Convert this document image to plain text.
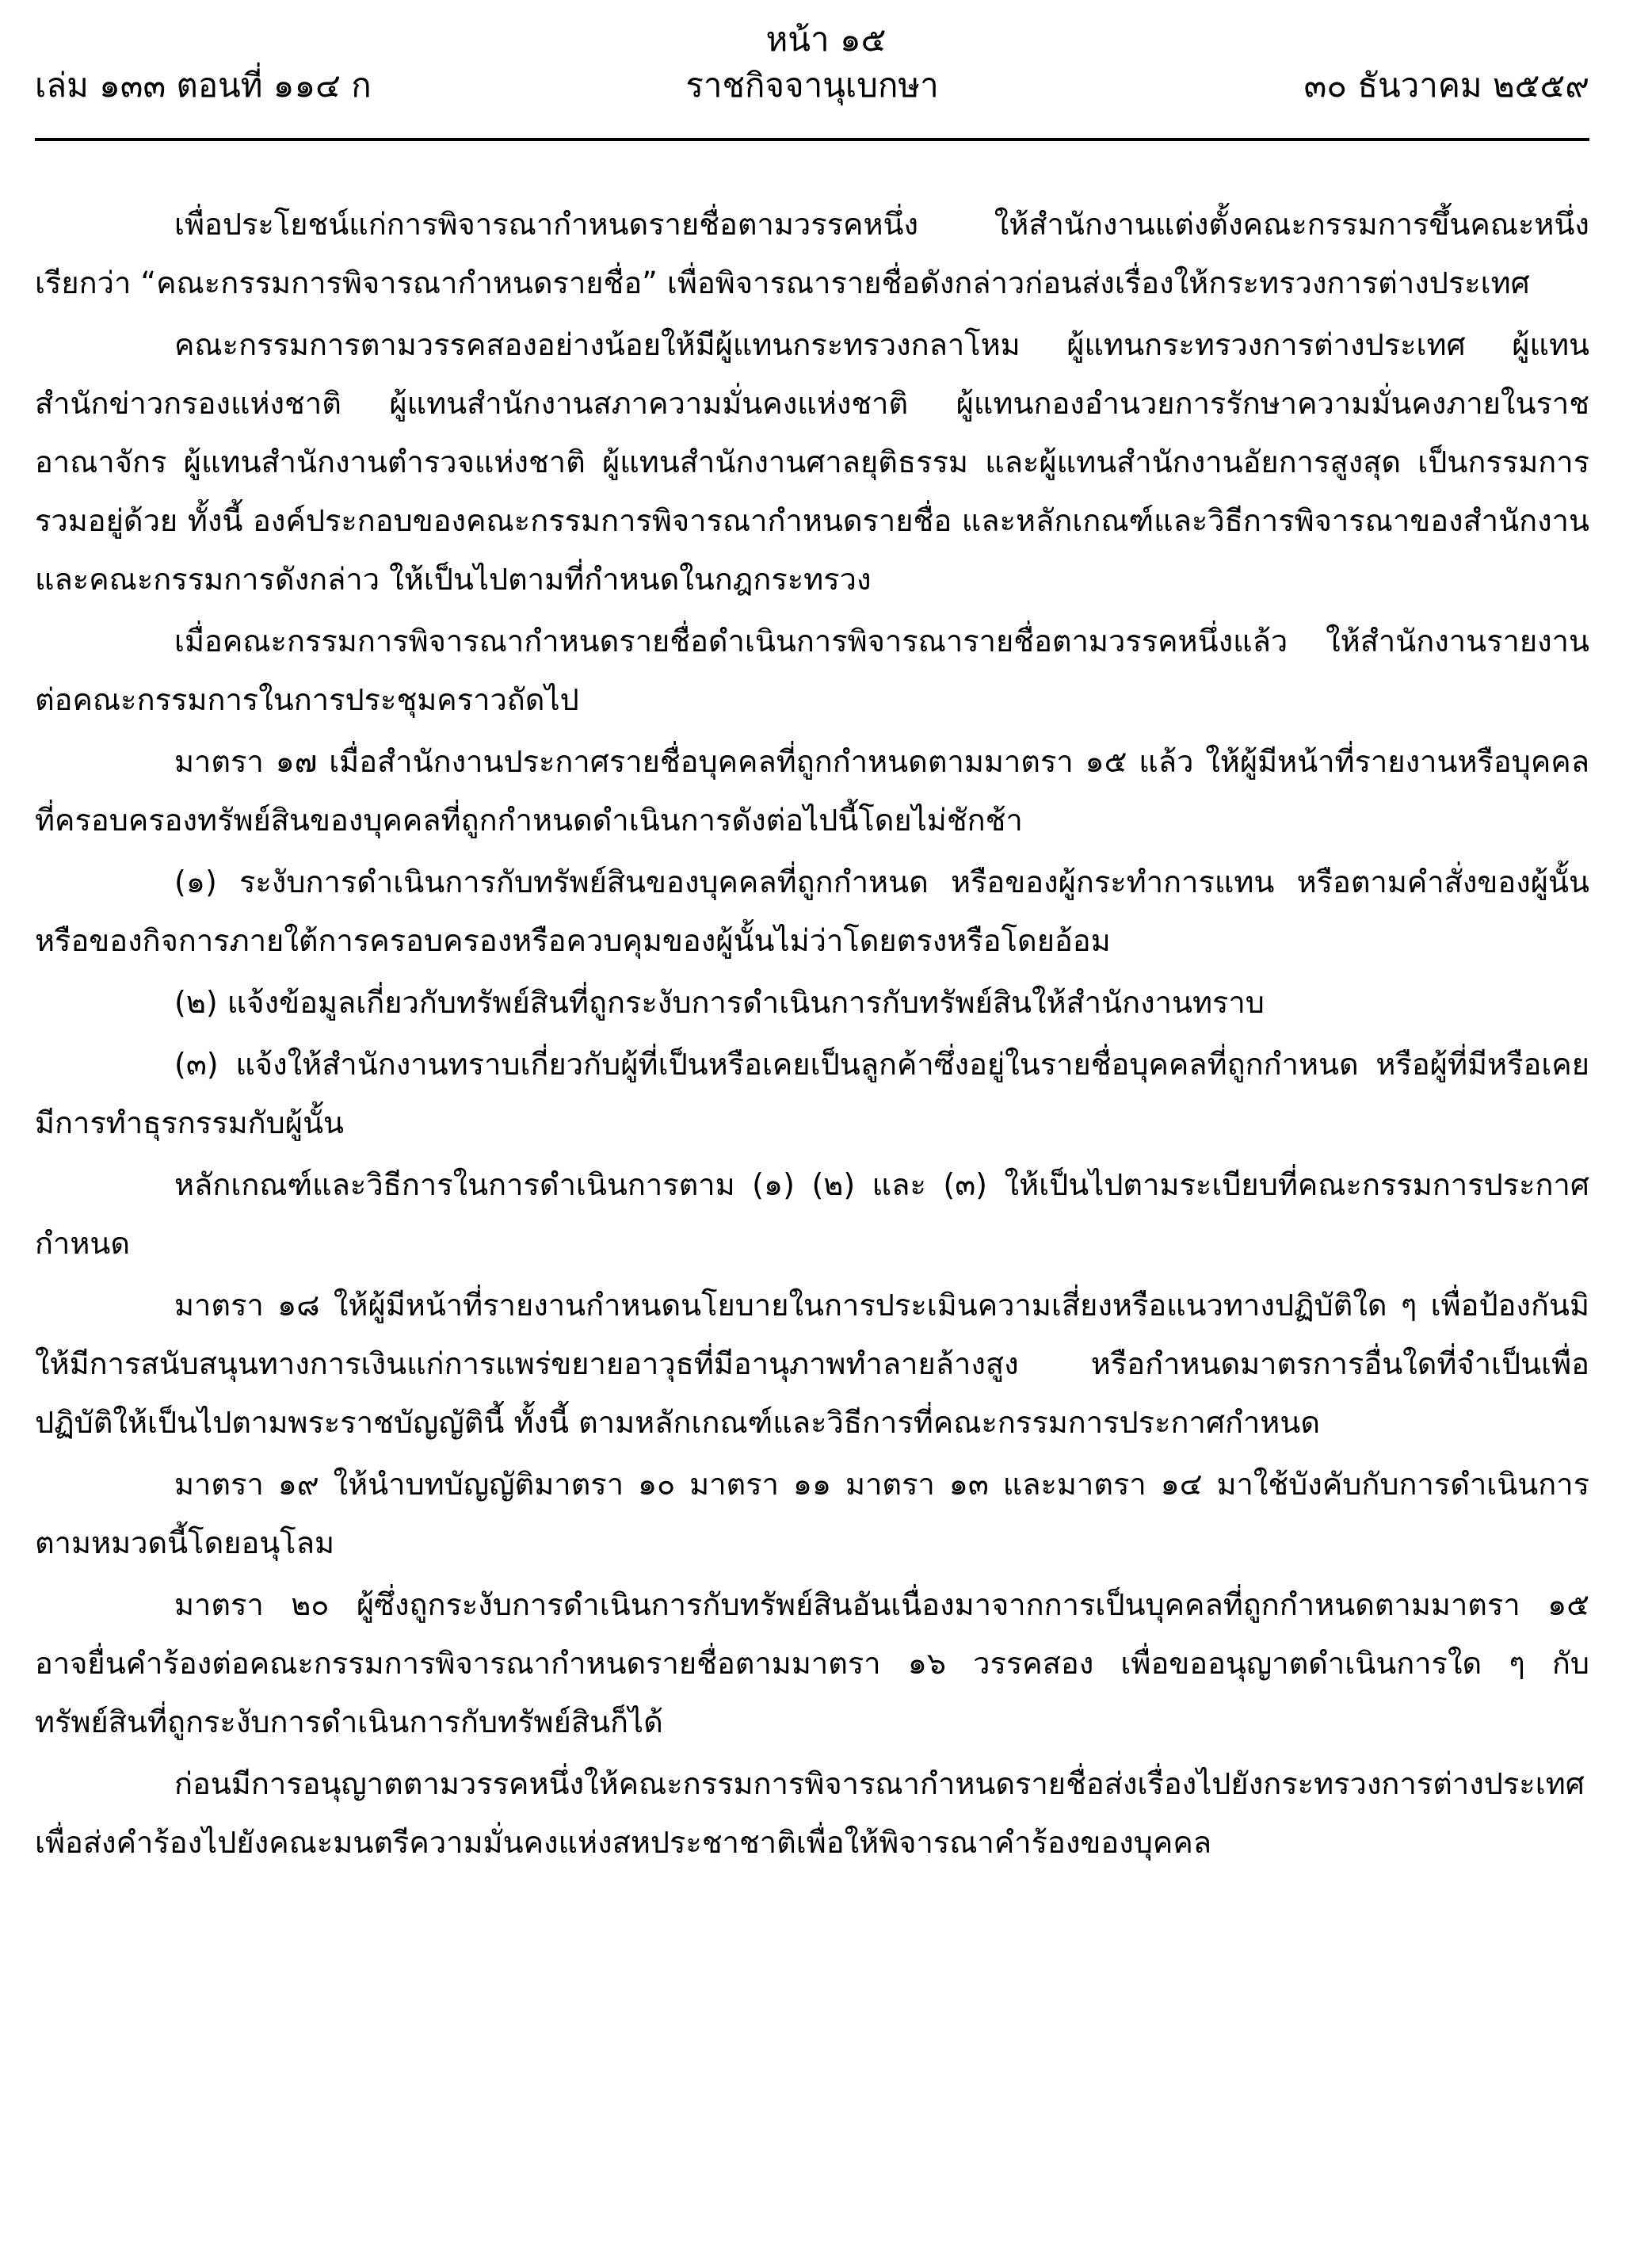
หน้า ๑๕
ราชกิจจานุเบกษา
เล่ม ๑๓๓ ตอนที่ ๑๑๔ ก	๓๐ ธันวาคม ๒๕๕๙

เพื่อประโยชน์แก่การพิจารณากำหนดรายชื่อตามวรรคหนึ่ง ให้สำนักงานแต่งตั้งคณะกรรมการขึ้นคณะหนึ่ง เรียกว่า “คณะกรรมการพิจารณากำหนดรายชื่อ” เพื่อพิจารณารายชื่อดังกล่าวก่อนส่งเรื่องให้กระทรวงการต่างประเทศ

คณะกรรมการตามวรรคสองอย่างน้อยให้มีผู้แทนกระทรวงกลาโหม ผู้แทนกระทรวงการต่างประเทศ ผู้แทนสำนักข่าวกรองแห่งชาติ ผู้แทนสำนักงานสภาความมั่นคงแห่งชาติ ผู้แทนกองอำนวยการรักษาความมั่นคงภายในราชอาณาจักร ผู้แทนสำนักงานตำรวจแห่งชาติ ผู้แทนสำนักงานศาลยุติธรรม และผู้แทนสำนักงานอัยการสูงสุด เป็นกรรมการรวมอยู่ด้วย ทั้งนี้ องค์ประกอบของคณะกรรมการพิจารณากำหนดรายชื่อ และหลักเกณฑ์และวิธีการพิจารณาของสำนักงานและคณะกรรมการดังกล่าว ให้เป็นไปตามที่กำหนดในกฎกระทรวง

เมื่อคณะกรรมการพิจารณากำหนดรายชื่อดำเนินการพิจารณารายชื่อตามวรรคหนึ่งแล้ว ให้สำนักงานรายงานต่อคณะกรรมการในการประชุมคราวถัดไป

มาตรา ๑๗ เมื่อสำนักงานประกาศรายชื่อบุคคลที่ถูกกำหนดตามมาตรา ๑๕ แล้ว ให้ผู้มีหน้าที่รายงานหรือบุคคลที่ครอบครองทรัพย์สินของบุคคลที่ถูกกำหนดดำเนินการดังต่อไปนี้โดยไม่ชักช้า

(๑) ระงับการดำเนินการกับทรัพย์สินของบุคคลที่ถูกกำหนด หรือของผู้กระทำการแทน หรือตามคำสั่งของผู้นั้น หรือของกิจการภายใต้การครอบครองหรือควบคุมของผู้นั้นไม่ว่าโดยตรงหรือโดยอ้อม

(๒) แจ้งข้อมูลเกี่ยวกับทรัพย์สินที่ถูกระงับการดำเนินการกับทรัพย์สินให้สำนักงานทราบ

(๓) แจ้งให้สำนักงานทราบเกี่ยวกับผู้ที่เป็นหรือเคยเป็นลูกค้าซึ่งอยู่ในรายชื่อบุคคลที่ถูกกำหนด หรือผู้ที่มีหรือเคยมีการทำธุรกรรมกับผู้นั้น

หลักเกณฑ์และวิธีการในการดำเนินการตาม (๑) (๒) และ (๓) ให้เป็นไปตามระเบียบที่คณะกรรมการประกาศกำหนด

มาตรา ๑๘ ให้ผู้มีหน้าที่รายงานกำหนดนโยบายในการประเมินความเสี่ยงหรือแนวทางปฏิบัติใด ๆ เพื่อป้องกันมิให้มีการสนับสนุนทางการเงินแก่การแพร่ขยายอาวุธที่มีอานุภาพทำลายล้างสูง หรือกำหนดมาตรการอื่นใดที่จำเป็นเพื่อปฏิบัติให้เป็นไปตามพระราชบัญญัตินี้ ทั้งนี้ ตามหลักเกณฑ์และวิธีการที่คณะกรรมการประกาศกำหนด

มาตรา ๑๙ ให้นำบทบัญญัติมาตรา ๑๐ มาตรา ๑๑ มาตรา ๑๓ และมาตรา ๑๔ มาใช้บังคับกับการดำเนินการตามหมวดนี้โดยอนุโลม

มาตรา ๒๐ ผู้ซึ่งถูกระงับการดำเนินการกับทรัพย์สินอันเนื่องมาจากการเป็นบุคคลที่ถูกกำหนดตามมาตรา ๑๕ อาจยื่นคำร้องต่อคณะกรรมการพิจารณากำหนดรายชื่อตามมาตรา ๑๖ วรรคสอง เพื่อขออนุญาตดำเนินการใด ๆ กับทรัพย์สินที่ถูกระงับการดำเนินการกับทรัพย์สินก็ได้

ก่อนมีการอนุญาตตามวรรคหนึ่งให้คณะกรรมการพิจารณากำหนดรายชื่อส่งเรื่องไปยังกระทรวงการต่างประเทศเพื่อส่งคำร้องไปยังคณะมนตรีความมั่นคงแห่งสหประชาชาติเพื่อให้พิจารณาคำร้องของบุคคล
